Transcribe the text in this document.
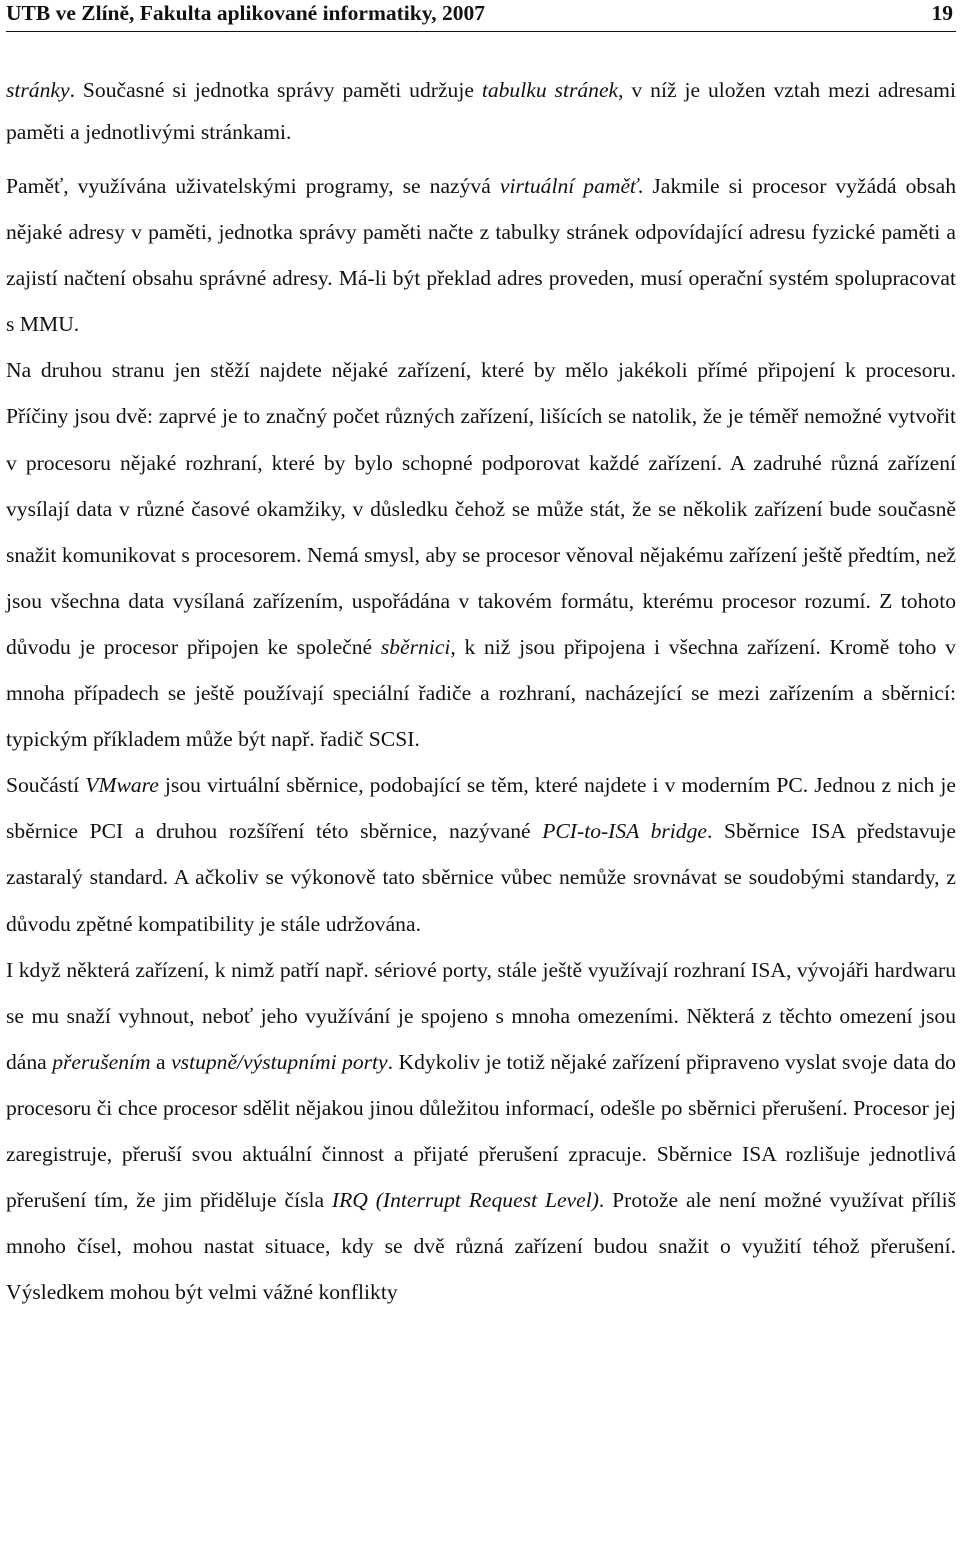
UTB ve Zlíně, Fakulta aplikované informatiky, 2007	19

stránky. Současné si jednotka správy paměti udržuje tabulku stránek, v níž je uložen vztah mezi adresami paměti a jednotlivými stránkami.

Paměť, využívána uživatelskými programy, se nazývá virtuální paměť. Jakmile si procesor vyžádá obsah nějaké adresy v paměti, jednotka správy paměti načte z tabulky stránek odpovídající adresu fyzické paměti a zajistí načtení obsahu správné adresy. Má-li být překlad adres proveden, musí operační systém spolupracovat s MMU.

Na druhou stranu jen stěží najdete nějaké zařízení, které by mělo jakékoli přímé připojení k procesoru. Příčiny jsou dvě: zaprvé je to značný počet různých zařízení, lišících se natolik, že je téměř nemožné vytvořit v procesoru nějaké rozhraní, které by bylo schopné podporovat každé zařízení. A zadruhé různá zařízení vysílají data v různé časové okamžiky, v důsledku čehož se může stát, že se několik zařízení bude současně snažit komunikovat s procesorem. Nemá smysl, aby se procesor věnoval nějakému zařízení ještě předtím, než jsou všechna data vysílaná zařízením, uspořádána v takovém formátu, kterému procesor rozumí. Z tohoto důvodu je procesor připojen ke společné sběrnici, k niž jsou připojena i všechna zařízení. Kromě toho v mnoha případech se ještě používají speciální řadiče a rozhraní, nacházející se mezi zařízením a sběrnicí: typickým příkladem může být např. řadič SCSI.

Součástí VMware jsou virtuální sběrnice, podobající se těm, které najdete i v moderním PC. Jednou z nich je sběrnice PCI a druhou rozšíření této sběrnice, nazývané PCI-to-ISA bridge. Sběrnice ISA představuje zastaralý standard. A ačkoliv se výkonově tato sběrnice vůbec nemůže srovnávat se soudobými standardy, z důvodu zpětné kompatibility je stále udržována.

I když některá zařízení, k nimž patří např. sériové porty, stále ještě využívají rozhraní ISA, vývojáři hardwaru se mu snaží vyhnout, neboť jeho využívání je spojeno s mnoha omezeními. Některá z těchto omezení jsou dána přerušením a vstupně/výstupními porty. Kdykoliv je totiž nějaké zařízení připraveno vyslat svoje data do procesoru či chce procesor sdělit nějakou jinou důležitou informací, odešle po sběrnici přerušení. Procesor jej zaregistruje, přeruší svou aktuální činnost a přijaté přerušení zpracuje. Sběrnice ISA rozlišuje jednotlivá přerušení tím, že jim přiděluje čísla IRQ (Interrupt Request Level). Protože ale není možné využívat příliš mnoho čísel, mohou nastat situace, kdy se dvě různá zařízení budou snažit o využití téhož přerušení. Výsledkem mohou být velmi vážné konflikty
